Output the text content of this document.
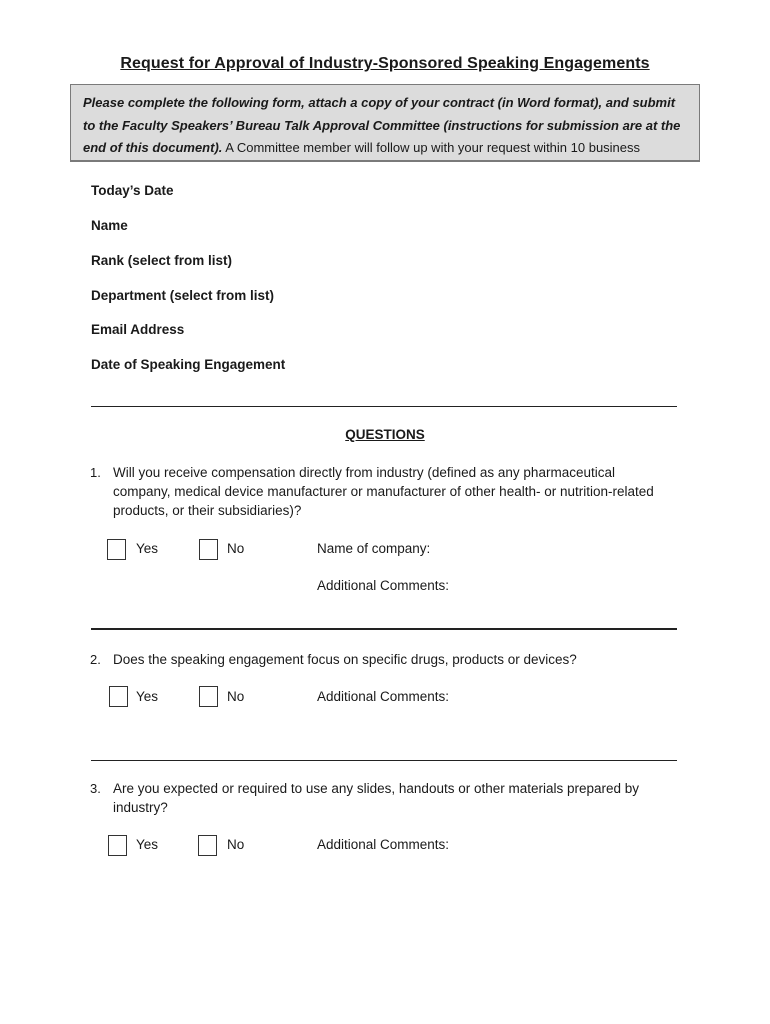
Request for Approval of Industry-Sponsored Speaking Engagements
Please complete the following form, attach a copy of your contract (in Word format), and submit to the Faculty Speakers’ Bureau Talk Approval Committee (instructions for submission are at the end of this document). A Committee member will follow up with your request within 10 business
Today’s Date
Name
Rank (select from list)
Department (select from list)
Email Address
Date of Speaking Engagement
QUESTIONS
1. Will you receive compensation directly from industry (defined as any pharmaceutical company, medical device manufacturer or manufacturer of other health- or nutrition-related products, or their subsidiaries)?
Yes	No	Name of company:
Additional Comments:
2. Does the speaking engagement focus on specific drugs, products or devices?
Yes	No	Additional Comments:
3. Are you expected or required to use any slides, handouts or other materials prepared by industry?
Yes	No	Additional Comments:
